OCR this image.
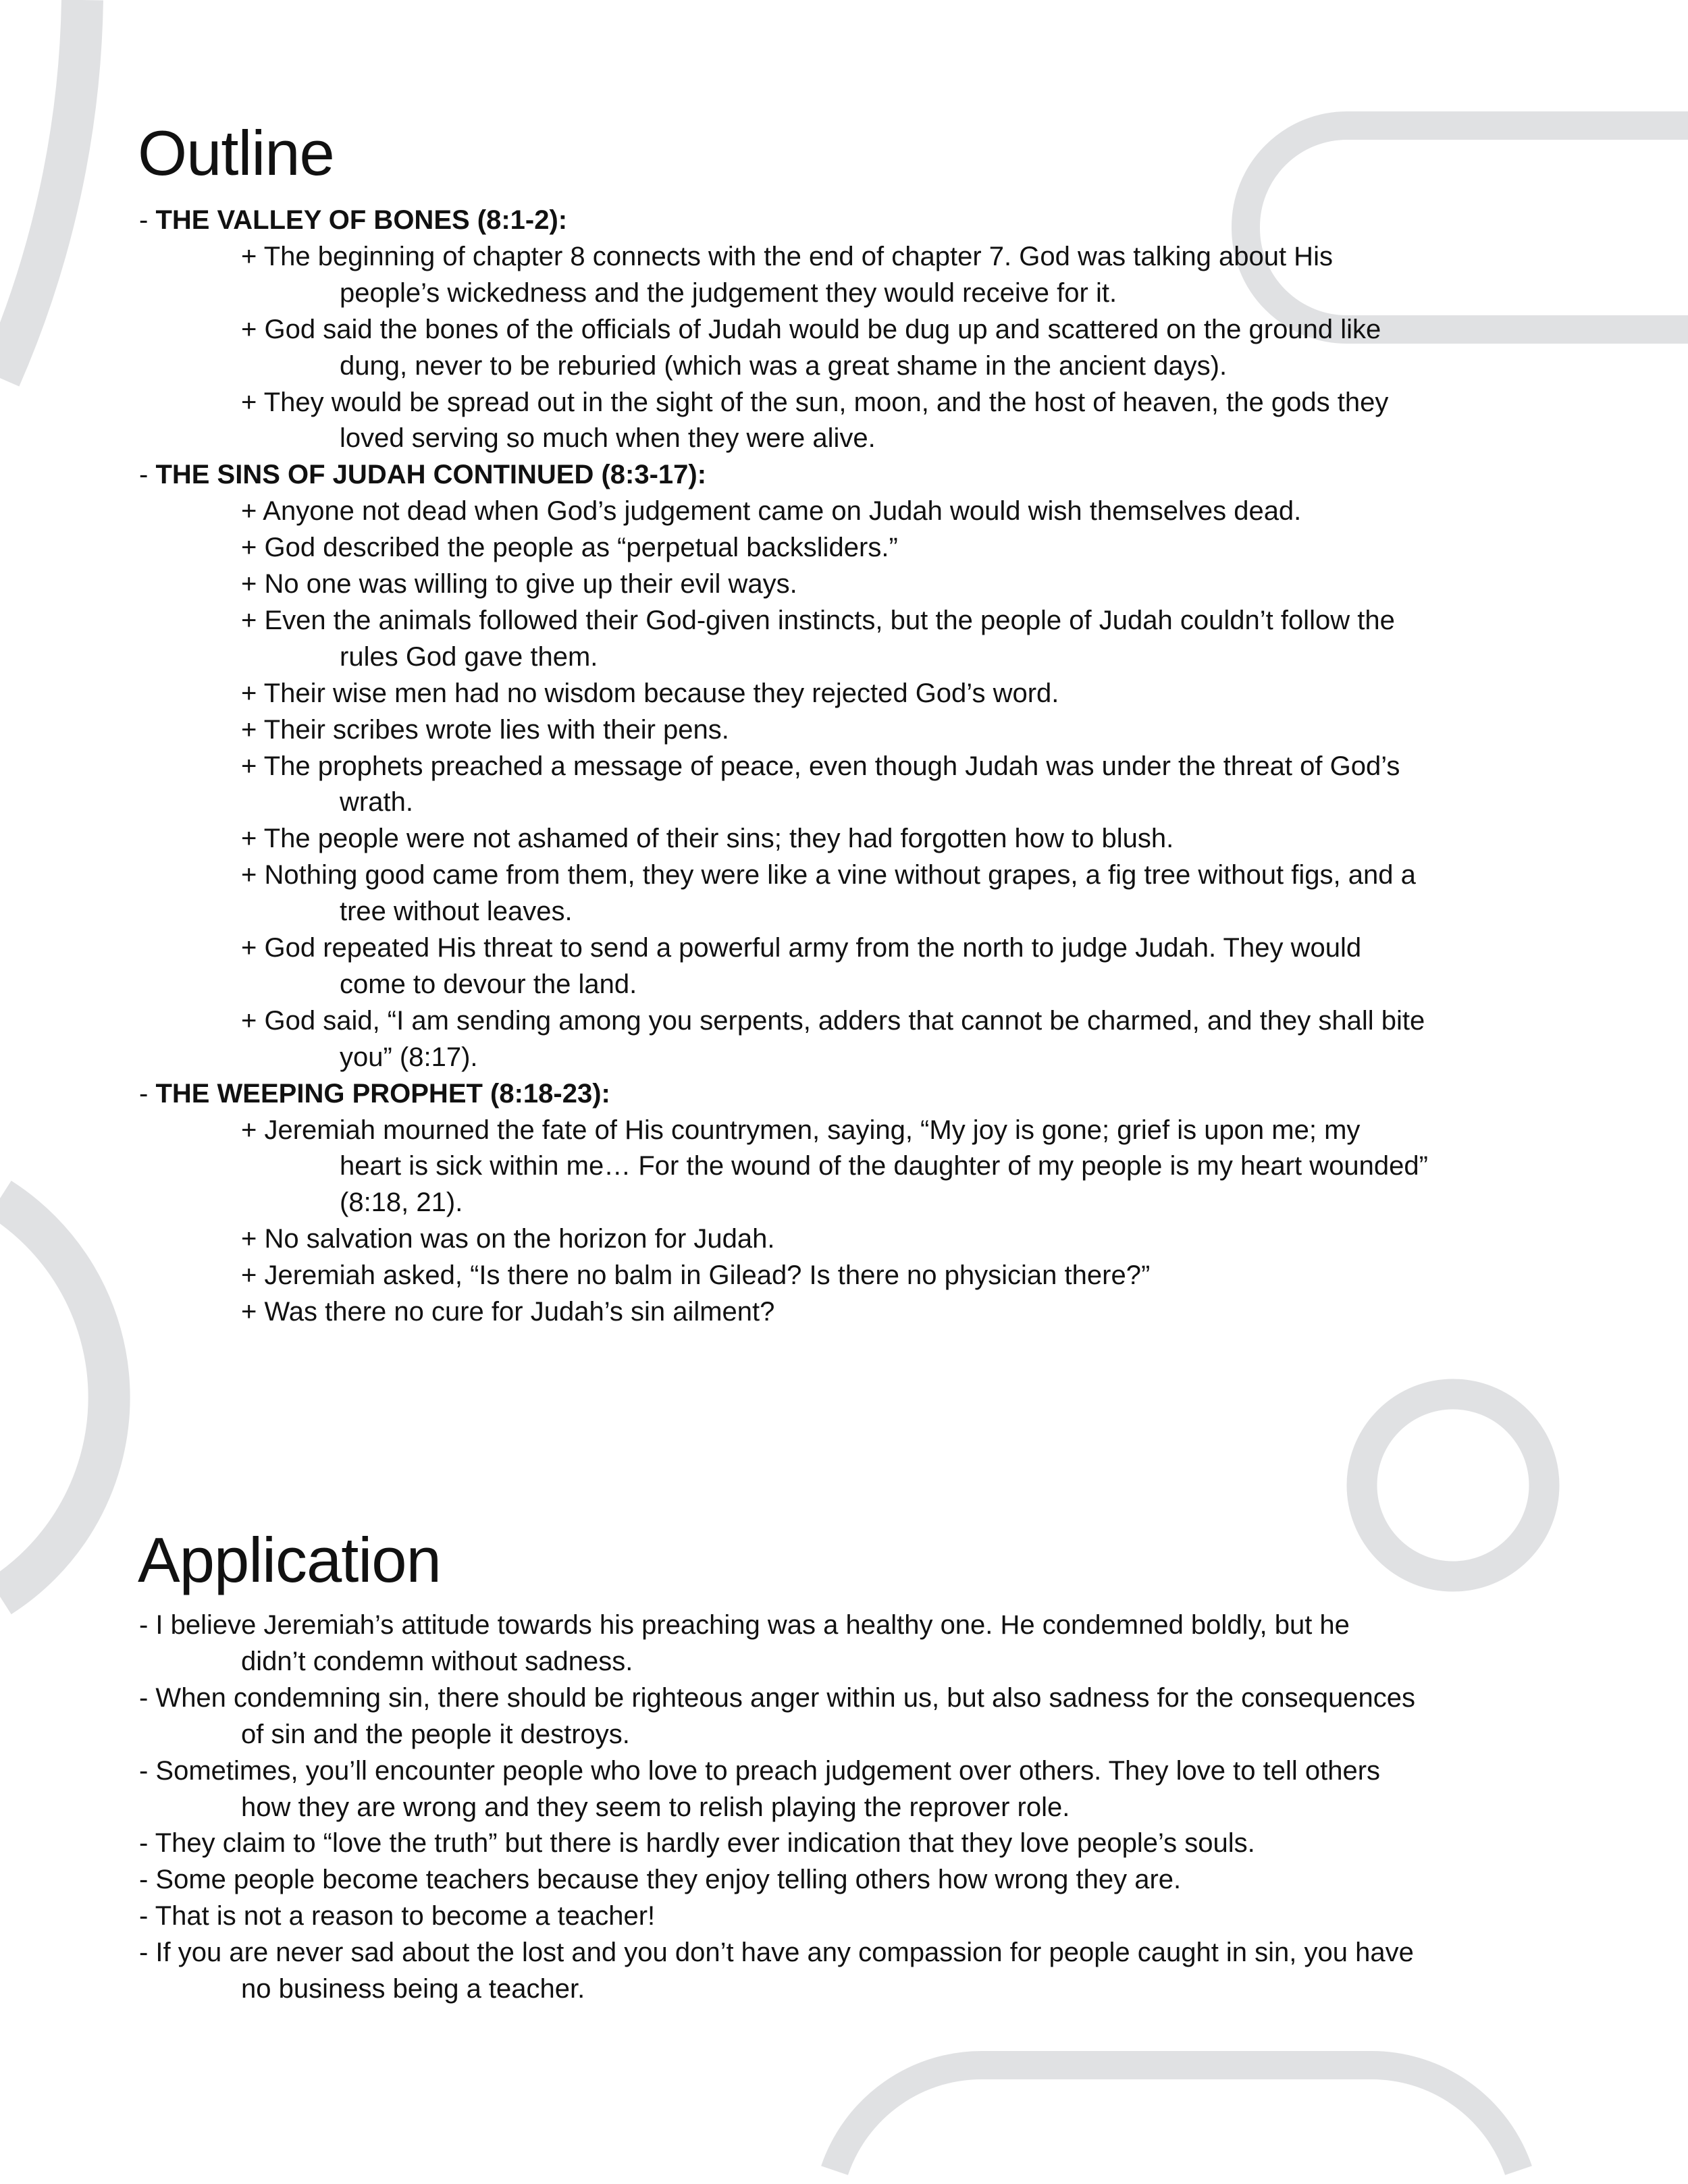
Outline
- THE VALLEY OF BONES (8:1-2):
+ The beginning of chapter 8 connects with the end of chapter 7. God was talking about His
people’s wickedness and the judgement they would receive for it.
+ God said the bones of the officials of Judah would be dug up and scattered on the ground like
dung, never to be reburied (which was a great shame in the ancient days).
+ They would be spread out in the sight of the sun, moon, and the host of heaven, the gods they
loved serving so much when they were alive.
- THE SINS OF JUDAH CONTINUED (8:3-17):
+ Anyone not dead when God’s judgement came on Judah would wish themselves dead.
+ God described the people as “perpetual backsliders.”
+ No one was willing to give up their evil ways.
+ Even the animals followed their God-given instincts, but the people of Judah couldn’t follow the
rules God gave them.
+ Their wise men had no wisdom because they rejected God’s word.
+ Their scribes wrote lies with their pens.
+ The prophets preached a message of peace, even though Judah was under the threat of God’s
wrath.
+ The people were not ashamed of their sins; they had forgotten how to blush.
+ Nothing good came from them, they were like a vine without grapes, a fig tree without figs, and a
tree without leaves.
+ God repeated His threat to send a powerful army from the north to judge Judah. They would
come to devour the land.
+ God said, “I am sending among you serpents, adders that cannot be charmed, and they shall bite
you” (8:17).
- THE WEEPING PROPHET (8:18-23):
+ Jeremiah mourned the fate of His countrymen, saying, “My joy is gone; grief is upon me; my
heart is sick within me… For the wound of the daughter of my people is my heart wounded”
(8:18, 21).
+ No salvation was on the horizon for Judah.
+ Jeremiah asked, “Is there no balm in Gilead? Is there no physician there?”
+ Was there no cure for Judah’s sin ailment?
Application
- I believe Jeremiah’s attitude towards his preaching was a healthy one. He condemned boldly, but he
didn’t condemn without sadness.
- When condemning sin, there should be righteous anger within us, but also sadness for the consequences
of sin and the people it destroys.
- Sometimes, you’ll encounter people who love to preach judgement over others. They love to tell others
how they are wrong and they seem to relish playing the reprover role.
- They claim to “love the truth” but there is hardly ever indication that they love people’s souls.
- Some people become teachers because they enjoy telling others how wrong they are.
- That is not a reason to become a teacher!
- If you are never sad about the lost and you don’t have any compassion for people caught in sin, you have
no business being a teacher.
